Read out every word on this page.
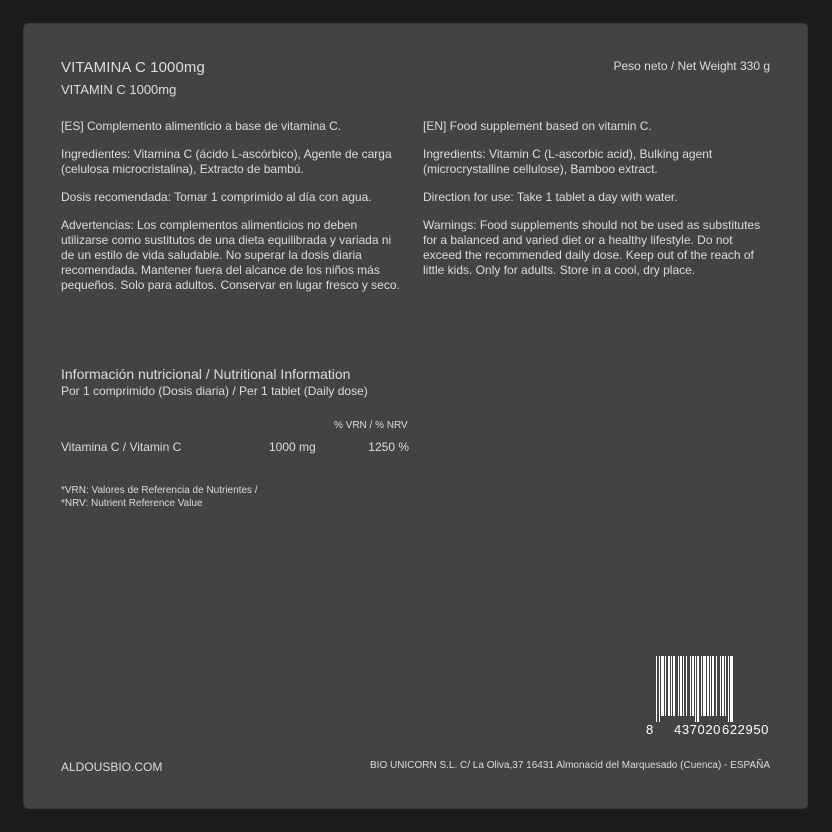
VITAMINA C 1000mg
VITAMIN C 1000mg
Peso neto / Net Weight 330 g

[ES] Complemento alimenticio a base de vitamina C.

Ingredientes: Vitamina C (ácido L-ascórbico), Agente de carga (celulosa microcristalina), Extracto de bambú.

Dosis recomendada: Tomar 1 comprimido al día con agua.

Advertencias: Los complementos alimenticios no deben utilizarse como sustitutos de una dieta equilibrada y variada ni de un estilo de vida saludable. No superar la dosis diaria recomendada. Mantener fuera del alcance de los niños más pequeños. Solo para adultos. Conservar en lugar fresco y seco.

[EN] Food supplement based on vitamin C.

Ingredients: Vitamin C (L-ascorbic acid), Bulking agent (microcrystalline cellulose), Bamboo extract.

Direction for use: Take 1 tablet a day with water.

Warnings: Food supplements should not be used as substitutes for a balanced and varied diet or a healthy lifestyle. Do not exceed the recommended daily dose. Keep out of the reach of little kids. Only for adults. Store in a cool, dry place.

Información nutricional / Nutritional Information
Por 1 comprimido (Dosis diaria) / Per 1 tablet (Daily dose)
% VRN / % NRV
Vitamina C / Vitamin C	1000 mg	1250 %
*VRN: Valores de Referencia de Nutrientes /
*NRV: Nutrient Reference Value
8 437020 622950
ALDOUSBIO.COM	BIO UNICORN S.L. C/ La Oliva,37 16431 Almonacid del Marquesado (Cuenca) - ESPAÑA
